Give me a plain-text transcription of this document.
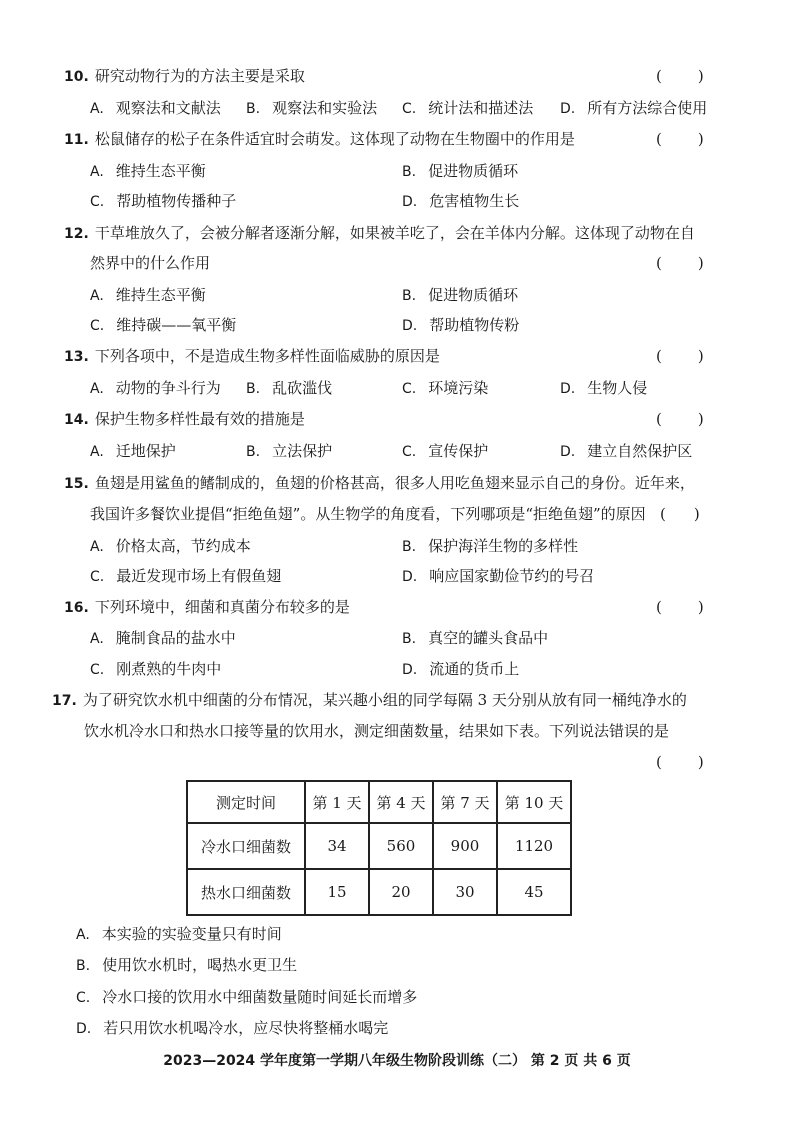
10. 研究动物行为的方法主要是采取	( )
A. 观察法和文献法 B. 观察法和实验法 C. 统计法和描述法 D. 所有方法综合使用
11. 松鼠储存的松子在条件适宜时会萌发。这体现了动物在生物圈中的作用是	( )
A. 维持生态平衡	B. 促进物质循环
C. 帮助植物传播种子	D. 危害植物生长
12. 干草堆放久了，会被分解者逐渐分解，如果被羊吃了，会在羊体内分解。这体现了动物在自
然界中的什么作用	( )
A. 维持生态平衡	B. 促进物质循环
C. 维持碳——氧平衡	D. 帮助植物传粉
13. 下列各项中，不是造成生物多样性面临威胁的原因是	( )
A. 动物的争斗行为 B. 乱砍滥伐	C. 环境污染	D. 生物人侵
14. 保护生物多样性最有效的措施是	( )
A. 迁地保护	B. 立法保护	C. 宣传保护	D. 建立自然保护区
15. 鱼翅是用鲨鱼的鳍制成的，鱼翅的价格甚高，很多人用吃鱼翅来显示自己的身份。近年来，
我国许多餐饮业提倡“拒绝鱼翅”。从生物学的角度看，下列哪项是“拒绝鱼翅”的原因 ( )
A. 价格太高，节约成本	B. 保护海洋生物的多样性
C. 最近发现市场上有假鱼翅	D. 响应国家勤俭节约的号召
16. 下列环境中，细菌和真菌分布较多的是	( )
A. 腌制食品的盐水中	B. 真空的罐头食品中
C. 刚煮熟的牛肉中	D. 流通的货币上
17. 为了研究饮水机中细菌的分布情况，某兴趣小组的同学每隔 3 天分别从放有同一桶纯净水的
饮水机冷水口和热水口接等量的饮用水，测定细菌数量，结果如下表。下列说法错误的是
( )
测定时间	第 1 天	第 4 天	第 7 天	第 10 天
冷水口细菌数	34	560	900	1120
热水口细菌数	15	20	30	45
A. 本实验的实验变量只有时间
B. 使用饮水机时，喝热水更卫生
C. 冷水口接的饮用水中细菌数量随时间延长而增多
D. 若只用饮水机喝冷水，应尽快将整桶水喝完
2023—2024 学年度第一学期八年级生物阶段训练（二） 第 2 页 共 6 页
